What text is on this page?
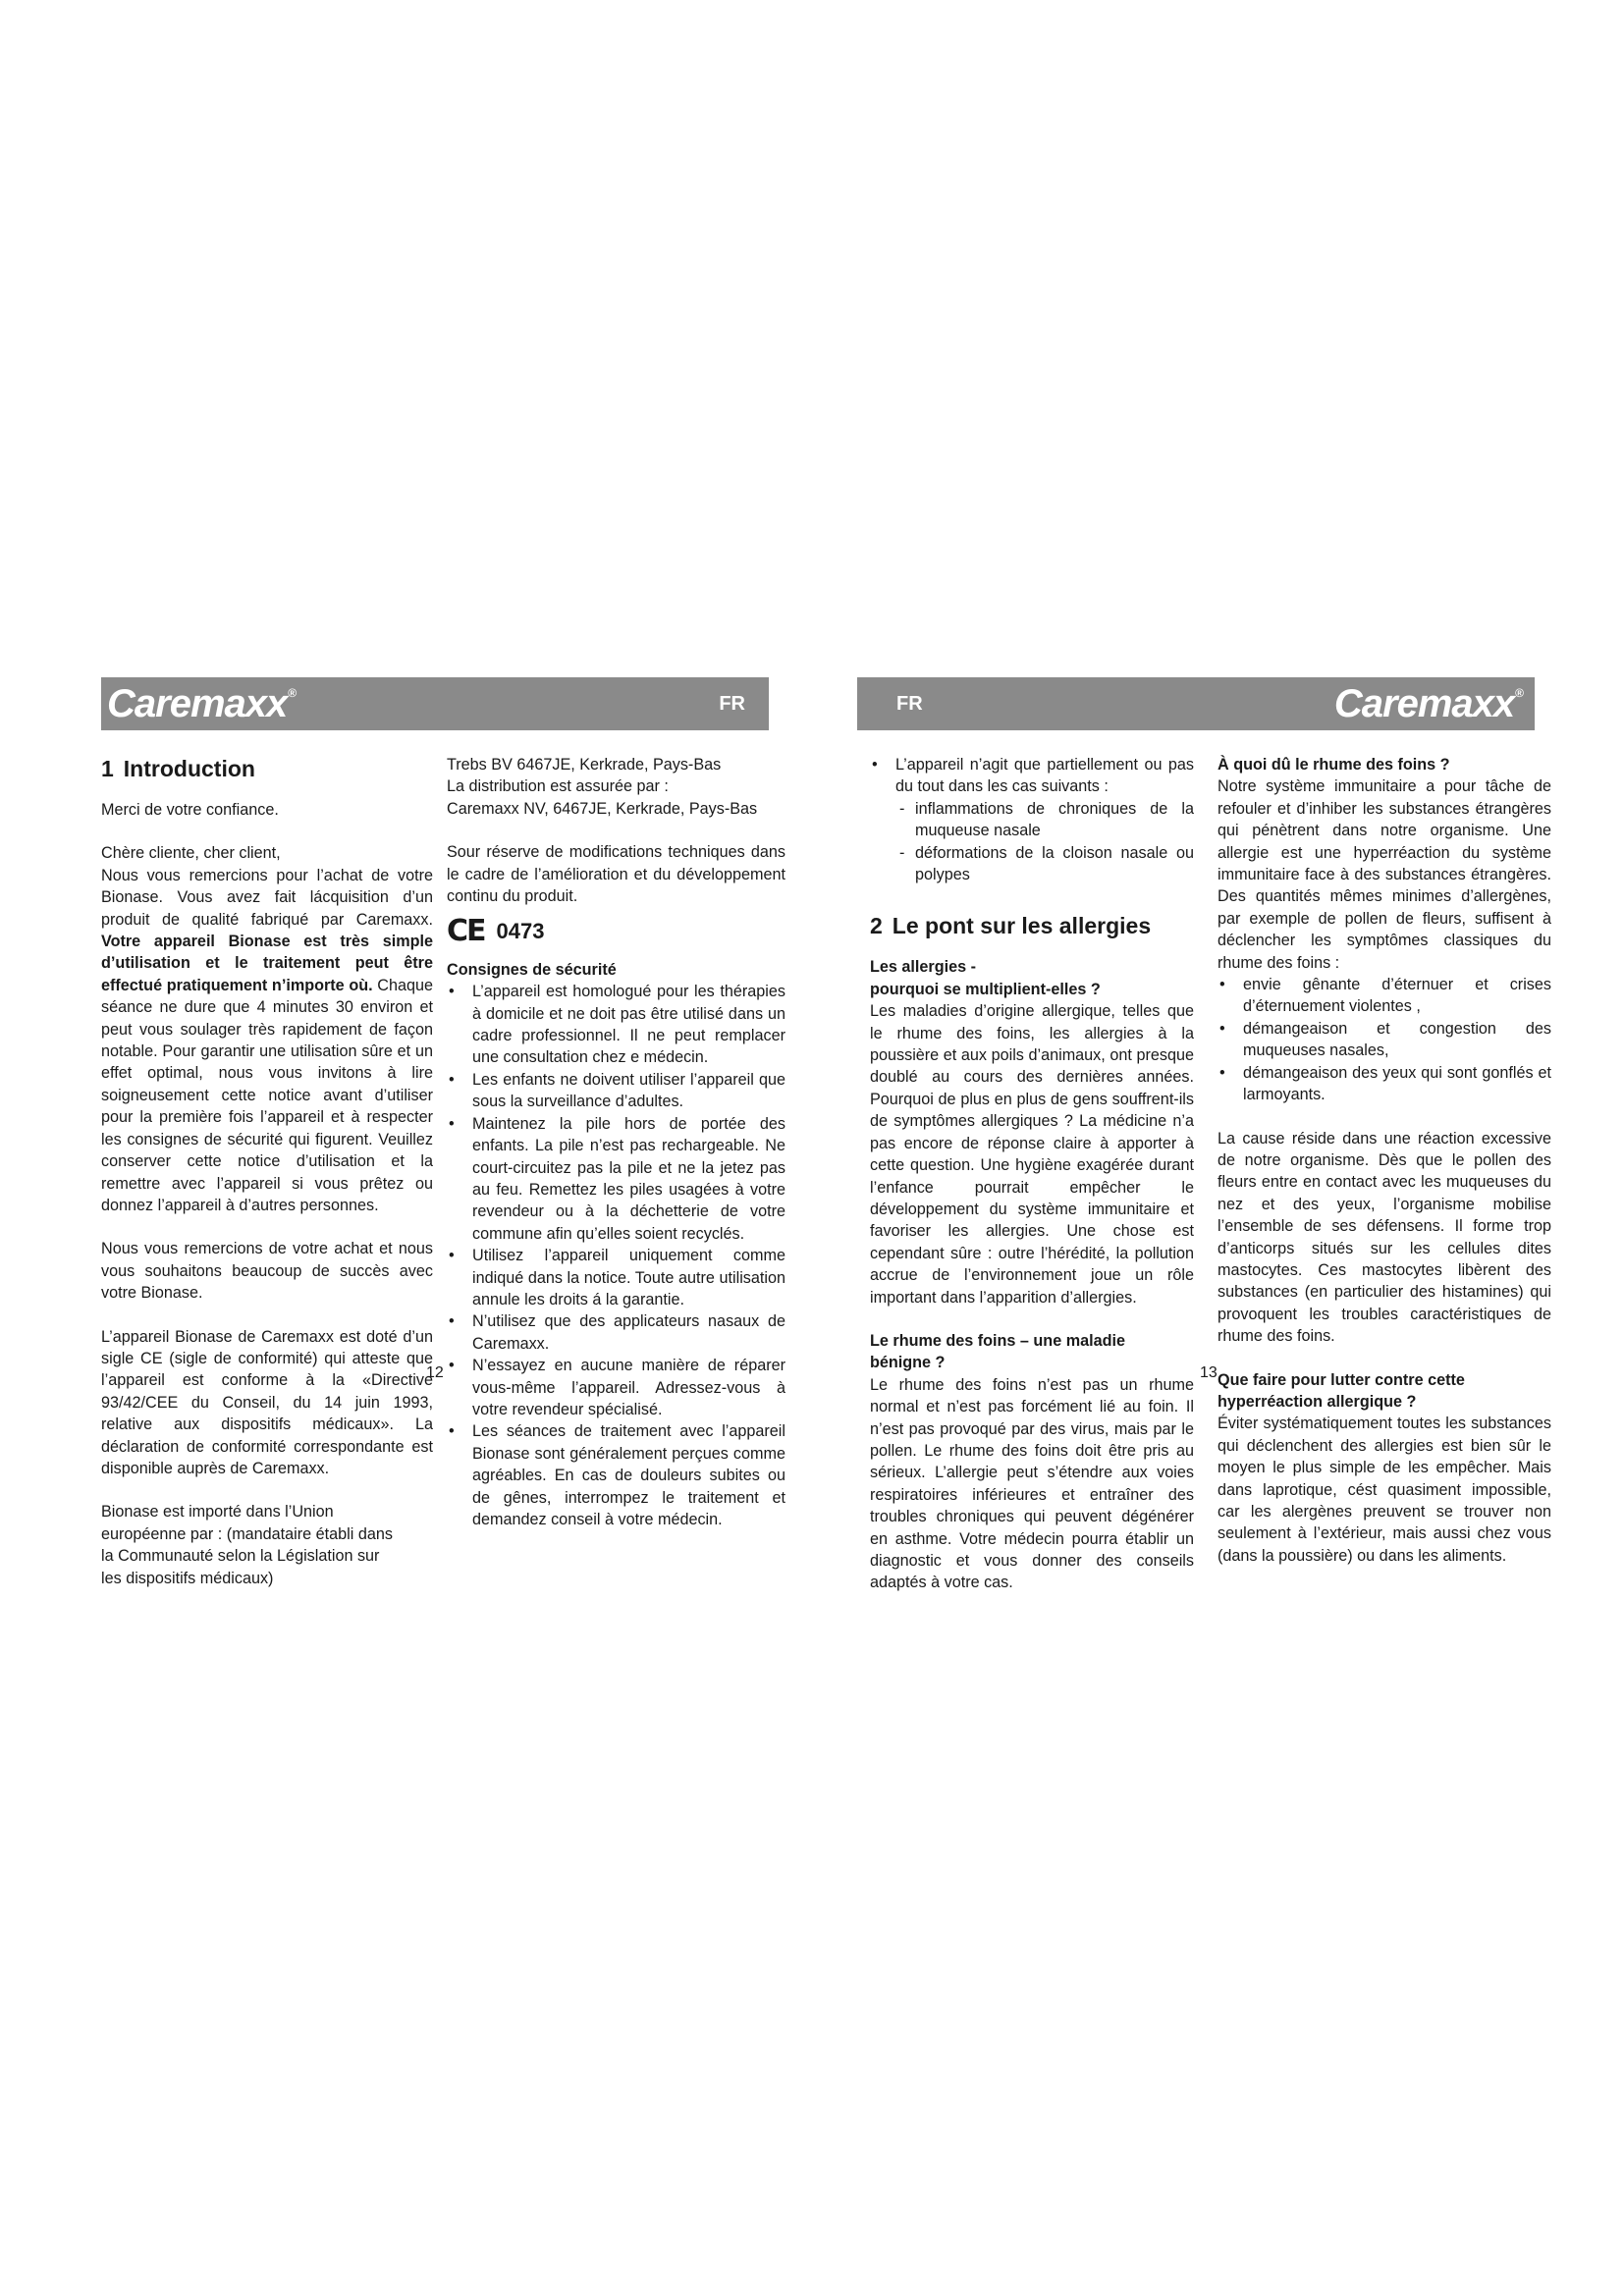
Caremaxx ®	FR	FR	Caremaxx ®
1 Introduction

Merci de votre confiance.

Chère cliente, cher client,

Nous vous remercions pour l’achat de votre Bionase. Vous avez fait lácquisition d’un produit de qualité fabriqué par Caremaxx. Votre appareil Bionase est très simple d’utilisation et le traitement peut être effectué pratiquement n’importe où. Chaque séance ne dure que 4 minutes 30 environ et peut vous soulager très rapidement de façon notable. Pour garantir une utilisation sûre et un effet optimal, nous vous invitons à lire soigneusement cette notice avant d’utiliser pour la première fois l’appareil et à respecter les consignes de sécurité qui figurent. Veuillez conserver cette notice d’utilisation et la remettre avec l’appareil si vous prêtez ou donnez l’appareil à d’autres personnes.

Nous vous remercions de votre achat et nous vous souhaitons beaucoup de succès avec votre Bionase.

L’appareil Bionase de Caremaxx est doté d’un sigle CE (sigle de conformité) qui atteste que l’appareil est conforme à la «Directive 93/42/CEE du Conseil, du 14 juin 1993, relative aux dispositifs médicaux». La déclaration de conformité correspondante est disponible auprès de Caremaxx.

Bionase est importé dans l’Union

européenne par : (mandataire établi dans

la Communauté selon la Législation sur

les dispositifs médicaux)

Trebs BV 6467JE, Kerkrade, Pays-Bas

La distribution est assurée par :

Caremaxx NV, 6467JE, Kerkrade, Pays-Bas

Sour réserve de modifications techniques dans le cadre de l’amélioration et du développement continu du produit.

CE 0473

Consignes de sécurité

• L’appareil est homologué pour les thérapies à domicile et ne doit pas être utilisé dans un cadre professionnel. Il ne peut remplacer une consultation chez e médecin.
• Les enfants ne doivent utiliser l’appareil que sous la surveillance d’adultes.
• Maintenez la pile hors de portée des enfants. La pile n’est pas rechargeable. Ne court-circuitez pas la pile et ne la jetez pas au feu. Remettez les piles usagées à votre revendeur ou à la déchetterie de votre commune afin qu’elles soient recyclés.
• Utilisez l’appareil uniquement comme indiqué dans la notice. Toute autre utilisation annule les droits á la garantie.
• N’utilisez que des applicateurs nasaux de Caremaxx.
• N’essayez en aucune manière de réparer vous-même l’appareil. Adressez-vous à votre revendeur spécialisé.
• Les séances de traitement avec l’appareil Bionase sont généralement perçues comme agréables. En cas de douleurs subites ou de gênes, interrompez le traitement et demandez conseil à votre médecin.
12
• L’appareil n’agit que partiellement ou pas du tout dans les cas suivants :
- inflammations de chroniques de la muqueuse nasale
- déformations de la cloison nasale ou polypes
2 Le pont sur les allergies

Les allergies -

pourquoi se multiplient-elles ?

Les maladies d’origine allergique, telles que le rhume des foins, les allergies à la poussière et aux poils d’animaux, ont presque doublé au cours des dernières années. Pourquoi de plus en plus de gens souffrent-ils de symptômes allergiques ? La médicine n’a pas encore de réponse claire à apporter à cette question. Une hygiène exagérée durant l’enfance pourrait empêcher le développement du système immunitaire et favoriser les allergies. Une chose est cependant sûre : outre l’hérédité, la pollution accrue de l’environnement joue un rôle important dans l’apparition d’allergies.

Le rhume des foins – une maladie

bénigne ?

Le rhume des foins n’est pas un rhume normal et n’est pas forcément lié au foin. Il n’est pas provoqué par des virus, mais par le pollen. Le rhume des foins doit être pris au sérieux. L’allergie peut s’étendre aux voies respiratoires inférieures et entraîner des troubles chroniques qui peuvent dégénérer en asthme. Votre médecin pourra établir un diagnostic et vous donner des conseils adaptés à votre cas.

À quoi dû le rhume des foins ?

Notre système immunitaire a pour tâche de refouler et d’inhiber les substances étrangères qui pénètrent dans notre organisme. Une allergie est une hyperréaction du système immunitaire face à des substances étrangères. Des quantités mêmes minimes d’allergènes, par exemple de pollen de fleurs, suffisent à déclencher les symptômes classiques du rhume des foins :

• envie gênante d’éternuer et crises d’éternuement violentes ,
• démangeaison et congestion des muqueuses nasales,
• démangeaison des yeux qui sont gonflés et larmoyants.

La cause réside dans une réaction excessive de notre organisme. Dès que le pollen des fleurs entre en contact avec les muqueuses du nez et des yeux, l’organisme mobilise l’ensemble de ses défensens. Il forme trop d’anticorps situés sur les cellules dites mastocytes. Ces mastocytes libèrent des substances (en particulier des histamines) qui provoquent les troubles caractéristiques de rhume des foins.

Que faire pour lutter contre cette

hyperréaction allergique ?

Éviter systématiquement toutes les substances qui déclenchent des allergies est bien sûr le moyen le plus simple de les empêcher. Mais dans laprotique, cést quasiment impossible, car les alergènes preuvent se trouver non seulement à l’extérieur, mais aussi chez vous (dans la poussière) ou dans les aliments.

13
